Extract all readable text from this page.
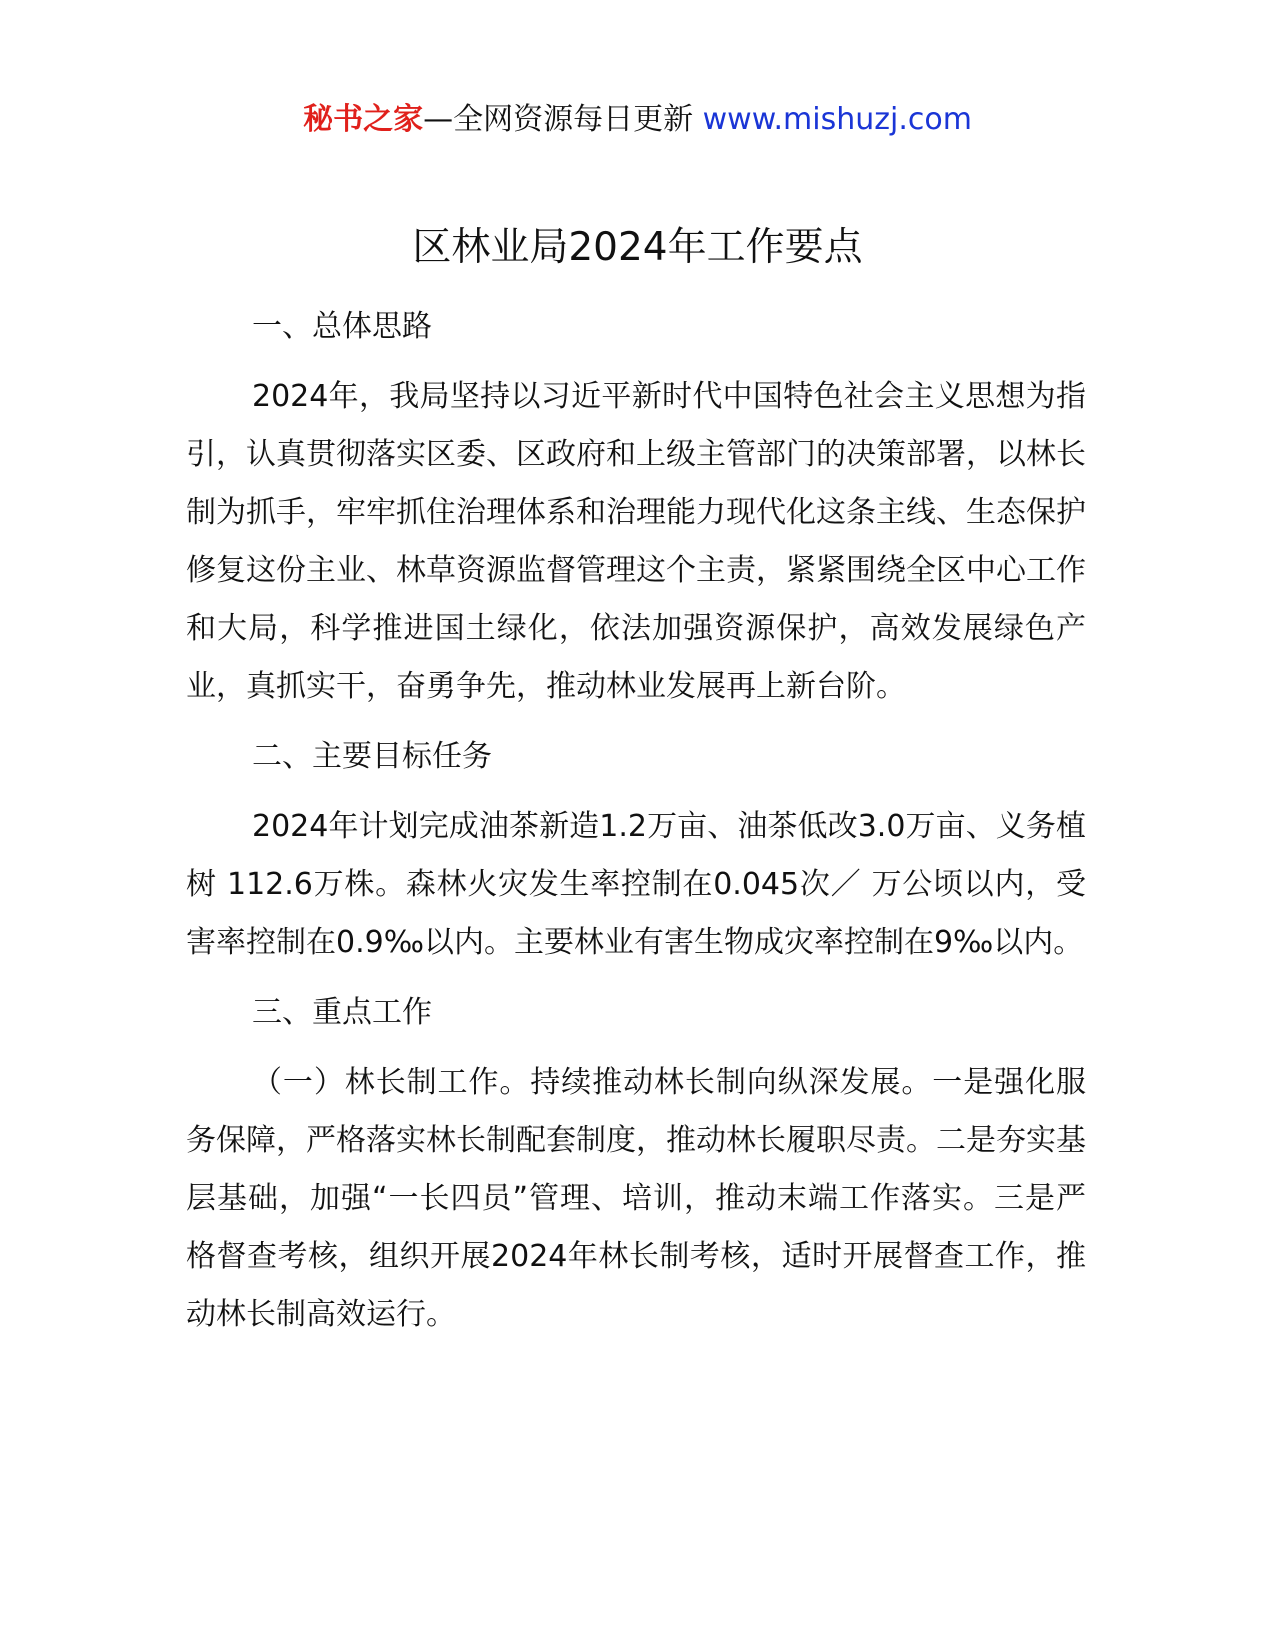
秘书之家—全网资源每日更新 www.mishuzj.com
区林业局2024年工作要点

一、总体思路

2024年，我局坚持以习近平新时代中国特色社会主义思想为指引，认真贯彻落实区委、区政府和上级主管部门的决策部署，以林长制为抓手，牢牢抓住治理体系和治理能力现代化这条主线、生态保护修复这份主业、林草资源监督管理这个主责，紧紧围绕全区中心工作和大局，科学推进国土绿化，依法加强资源保护，高效发展绿色产业，真抓实干，奋勇争先，推动林业发展再上新台阶。

二、主要目标任务

2024年计划完成油茶新造1.2万亩、油茶低改3.0万亩、义务植树 112.6万株。森林火灾发生率控制在0.045次／ 万公顷以内，受害率控制在0.9‰以内。主要林业有害生物成灾率控制在9‰以内。

三、重点工作

（一）林长制工作。持续推动林长制向纵深发展。一是强化服务保障，严格落实林长制配套制度，推动林长履职尽责。二是夯实基层基础，加强“一长四员”管理、培训，推动末端工作落实。三是严格督查考核，组织开展2024年林长制考核，适时开展督查工作，推动林长制高效运行。
